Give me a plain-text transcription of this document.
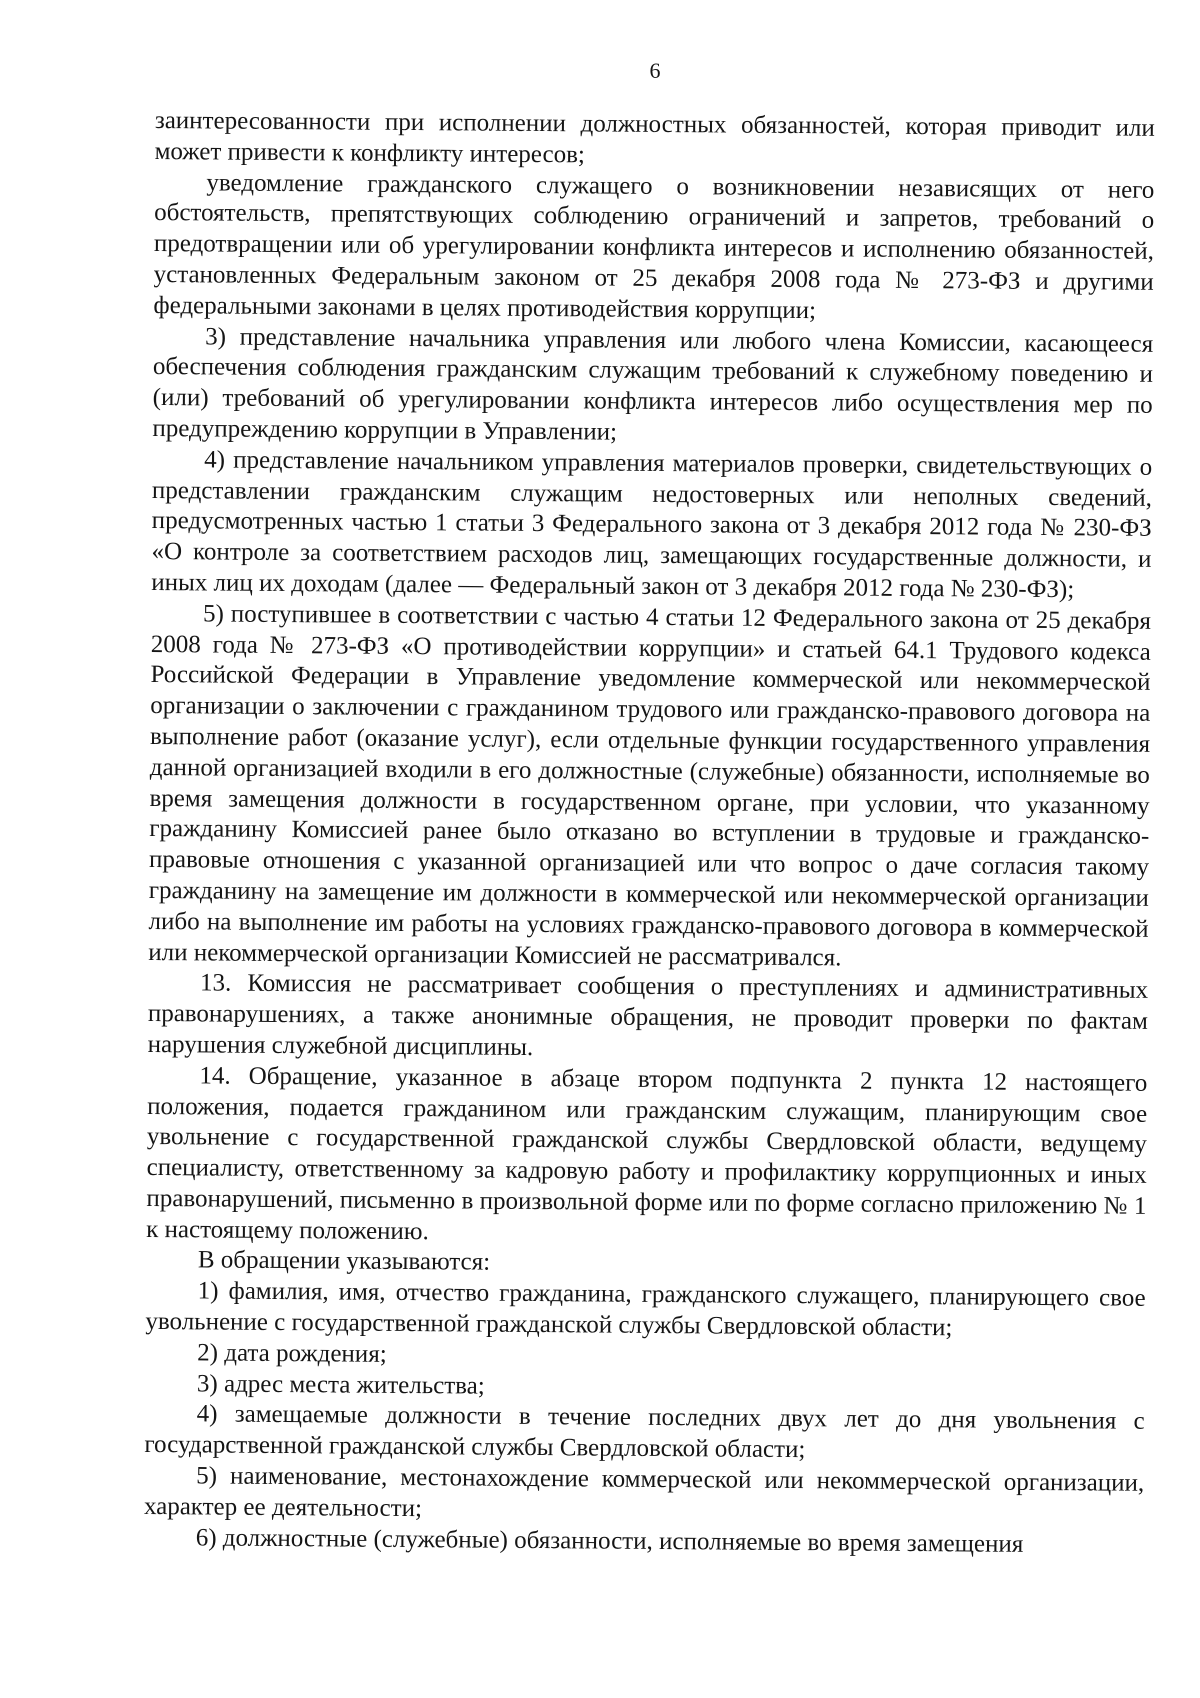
6

заинтересованности при исполнении должностных обязанностей, которая приводит или может привести к конфликту интересов;

уведомление гражданского служащего о возникновении независящих от него обстоятельств, препятствующих соблюдению ограничений и запретов, требований о предотвращении или об урегулировании конфликта интересов и исполнению обязанностей, установленных Федеральным законом от 25 декабря 2008 года № 273-ФЗ и другими федеральными законами в целях противодействия коррупции;

3) представление начальника управления или любого члена Комиссии, касающееся обеспечения соблюдения гражданским служащим требований к служебному поведению и (или) требований об урегулировании конфликта интересов либо осуществления мер по предупреждению коррупции в Управлении;

4) представление начальником управления материалов проверки, свидетельствующих о представлении гражданским служащим недостоверных или неполных сведений, предусмотренных частью 1 статьи 3 Федерального закона от 3 декабря 2012 года № 230-ФЗ «О контроле за соответствием расходов лиц, замещающих государственные должности, и иных лиц их доходам (далее — Федеральный закон от 3 декабря 2012 года № 230-ФЗ);

5) поступившее в соответствии с частью 4 статьи 12 Федерального закона от 25 декабря 2008 года № 273-ФЗ «О противодействии коррупции» и статьей 64.1 Трудового кодекса Российской Федерации в Управление уведомление коммерческой или некоммерческой организации о заключении с гражданином трудового или гражданско-правового договора на выполнение работ (оказание услуг), если отдельные функции государственного управления данной организацией входили в его должностные (служебные) обязанности, исполняемые во время замещения должности в государственном органе, при условии, что указанному гражданину Комиссией ранее было отказано во вступлении в трудовые и гражданско-правовые отношения с указанной организацией или что вопрос о даче согласия такому гражданину на замещение им должности в коммерческой или некоммерческой организации либо на выполнение им работы на условиях гражданско-правового договора в коммерческой или некоммерческой организации Комиссией не рассматривался.

13. Комиссия не рассматривает сообщения о преступлениях и административных правонарушениях, а также анонимные обращения, не проводит проверки по фактам нарушения служебной дисциплины.

14. Обращение, указанное в абзаце втором подпункта 2 пункта 12 настоящего положения, подается гражданином или гражданским служащим, планирующим свое увольнение с государственной гражданской службы Свердловской области, ведущему специалисту, ответственному за кадровую работу и профилактику коррупционных и иных правонарушений, письменно в произвольной форме или по форме согласно приложению № 1 к настоящему положению.

В обращении указываются:

1) фамилия, имя, отчество гражданина, гражданского служащего, планирующего свое увольнение с государственной гражданской службы Свердловской области;

2) дата рождения;

3) адрес места жительства;

4) замещаемые должности в течение последних двух лет до дня увольнения с государственной гражданской службы Свердловской области;

5) наименование, местонахождение коммерческой или некоммерческой организации, характер ее деятельности;

6) должностные (служебные) обязанности, исполняемые во время замещения
